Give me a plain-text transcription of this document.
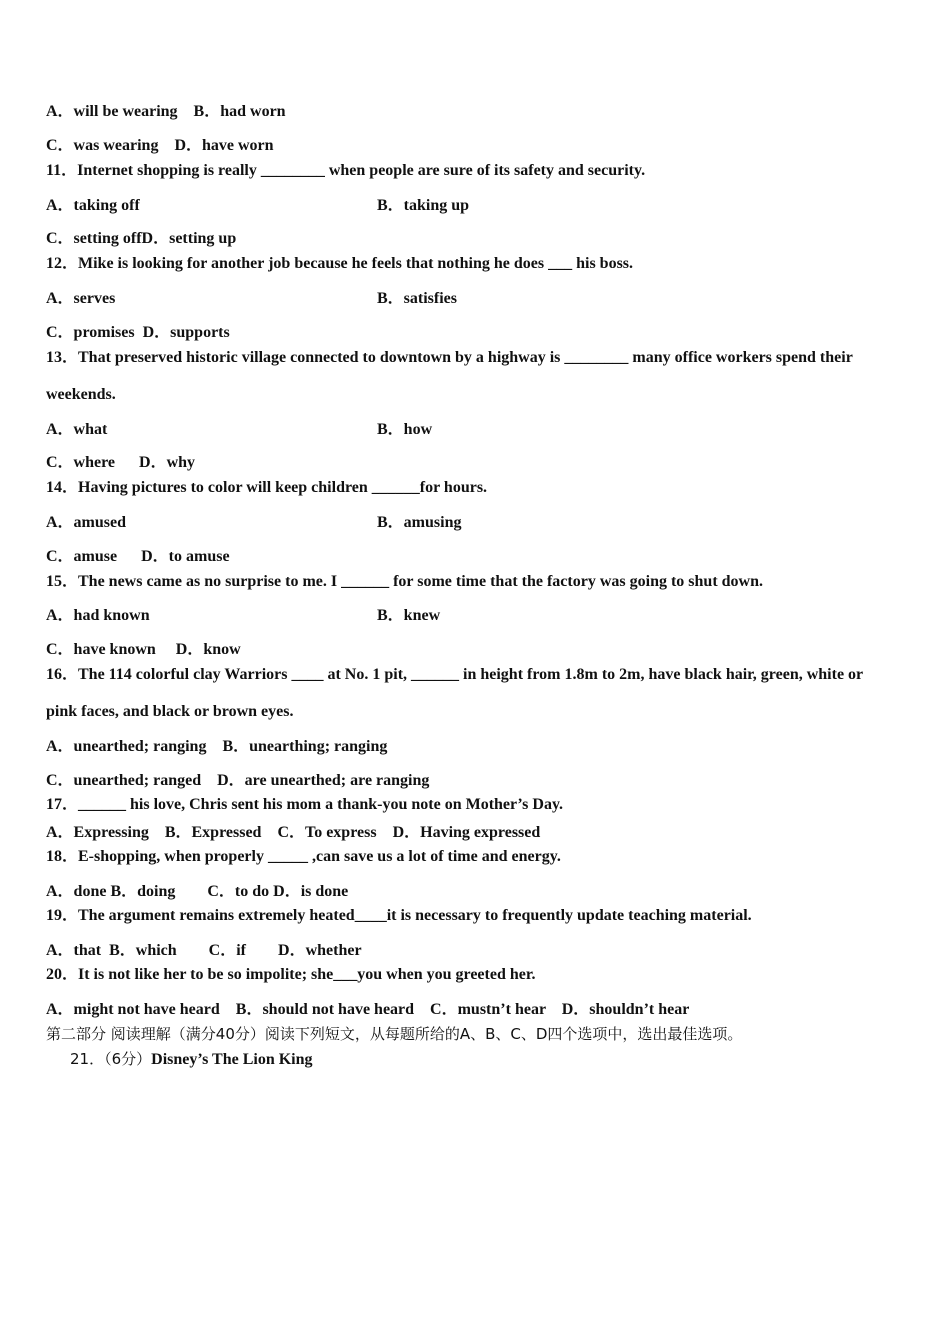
A．will be wearing    B．had worn
C．was wearing    D．have worn
11．Internet shopping is really ________ when people are sure of its safety and security.
A．taking off	B．taking up
C．setting offD．setting up
12．Mike is looking for another job because he feels that nothing he does ___ his boss.
A．serves	B．satisfies
C．promises  D．supports
13．That preserved historic village connected to downtown by a highway is ________ many office workers spend their
weekends.
A．what	B．how
C．where      D．why
14．Having pictures to color will keep children ______for hours.
A．amused	B．amusing
C．amuse      D．to amuse
15．The news came as no surprise to me. I ______ for some time that the factory was going to shut down.
A．had known	B．knew
C．have known     D．know
16．The 114 colorful clay Warriors ____ at No. 1 pit, ______ in height from 1.8m to 2m, have black hair, green, white or
pink faces, and black or brown eyes.
A．unearthed; ranging    B．unearthing; ranging
C．unearthed; ranged    D．are unearthed; are ranging
17．______ his love, Chris sent his mom a thank-you note on Mother’s Day.
A．Expressing    B．Expressed    C．To express    D．Having expressed
18．E-shopping, when properly _____ ,can save us a lot of time and energy.
A．done B．doing        C．to do D．is done
19．The argument remains extremely heated____it is necessary to frequently update teaching material.
A．that  B．which        C．if        D．whether
20．It is not like her to be so impolite; she___you when you greeted her.
A．might not have heard    B．should not have heard    C．mustn’t hear    D．shouldn’t hear
第二部分 阅读理解（满分40分）阅读下列短文，从每题所给的A、B、C、D四个选项中，选出最佳选项。
21．（6分）Disney’s The Lion King
